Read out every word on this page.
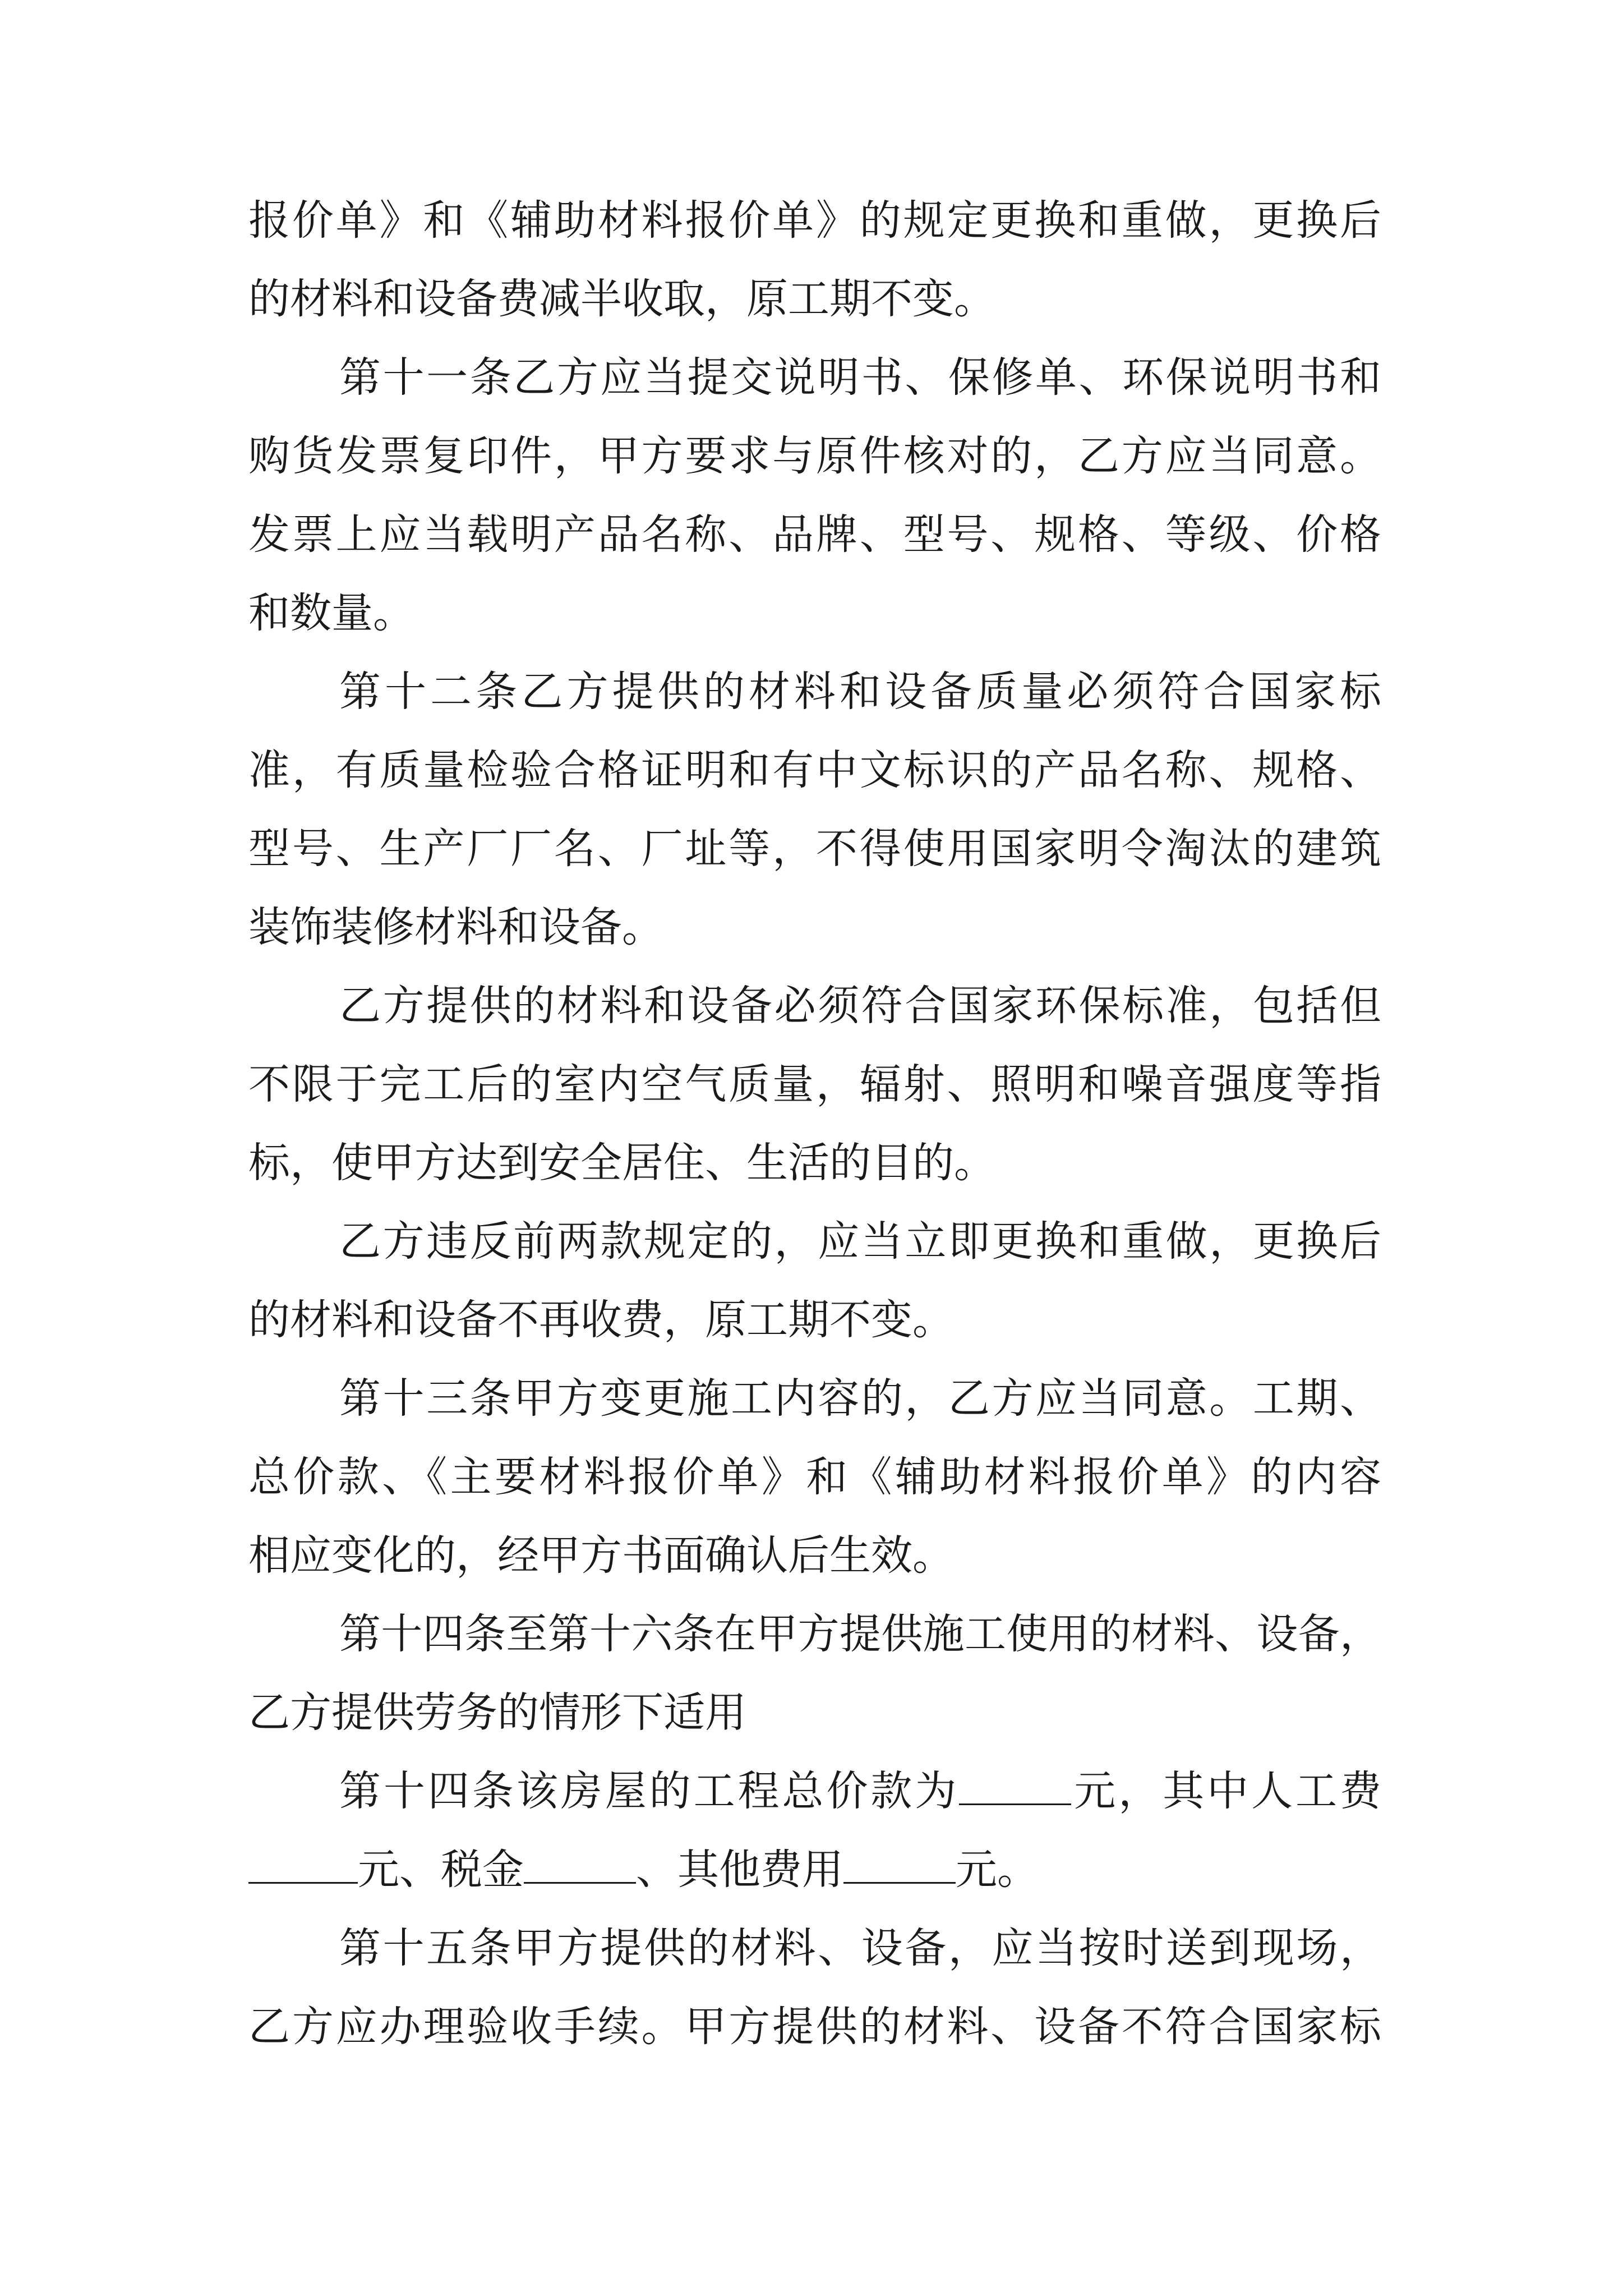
报价单》和《辅助材料报价单》的规定更换和重做，更换后
的材料和设备费减半收取，原工期不变。
第十一条乙方应当提交说明书、保修单、环保说明书和
购货发票复印件，甲方要求与原件核对的，乙方应当同意。
发票上应当载明产品名称、品牌、型号、规格、等级、价格
和数量。
第十二条乙方提供的材料和设备质量必须符合国家标
准，有质量检验合格证明和有中文标识的产品名称、规格、
型号、生产厂厂名、厂址等，不得使用国家明令淘汰的建筑
装饰装修材料和设备。
乙方提供的材料和设备必须符合国家环保标准，包括但
不限于完工后的室内空气质量，辐射、照明和噪音强度等指
标，使甲方达到安全居住、生活的目的。
乙方违反前两款规定的，应当立即更换和重做，更换后
的材料和设备不再收费，原工期不变。
第十三条甲方变更施工内容的，乙方应当同意。工期、
总价款、《主要材料报价单》和《辅助材料报价单》的内容
相应变化的，经甲方书面确认后生效。
第十四条至第十六条在甲方提供施工使用的材料、设备，
乙方提供劳务的情形下适用
第十四条该房屋的工程总价款为	元，其中人工费
元、税金	、其他费用	元。
第十五条甲方提供的材料、设备，应当按时送到现场，
乙方应办理验收手续。甲方提供的材料、设备不符合国家标
